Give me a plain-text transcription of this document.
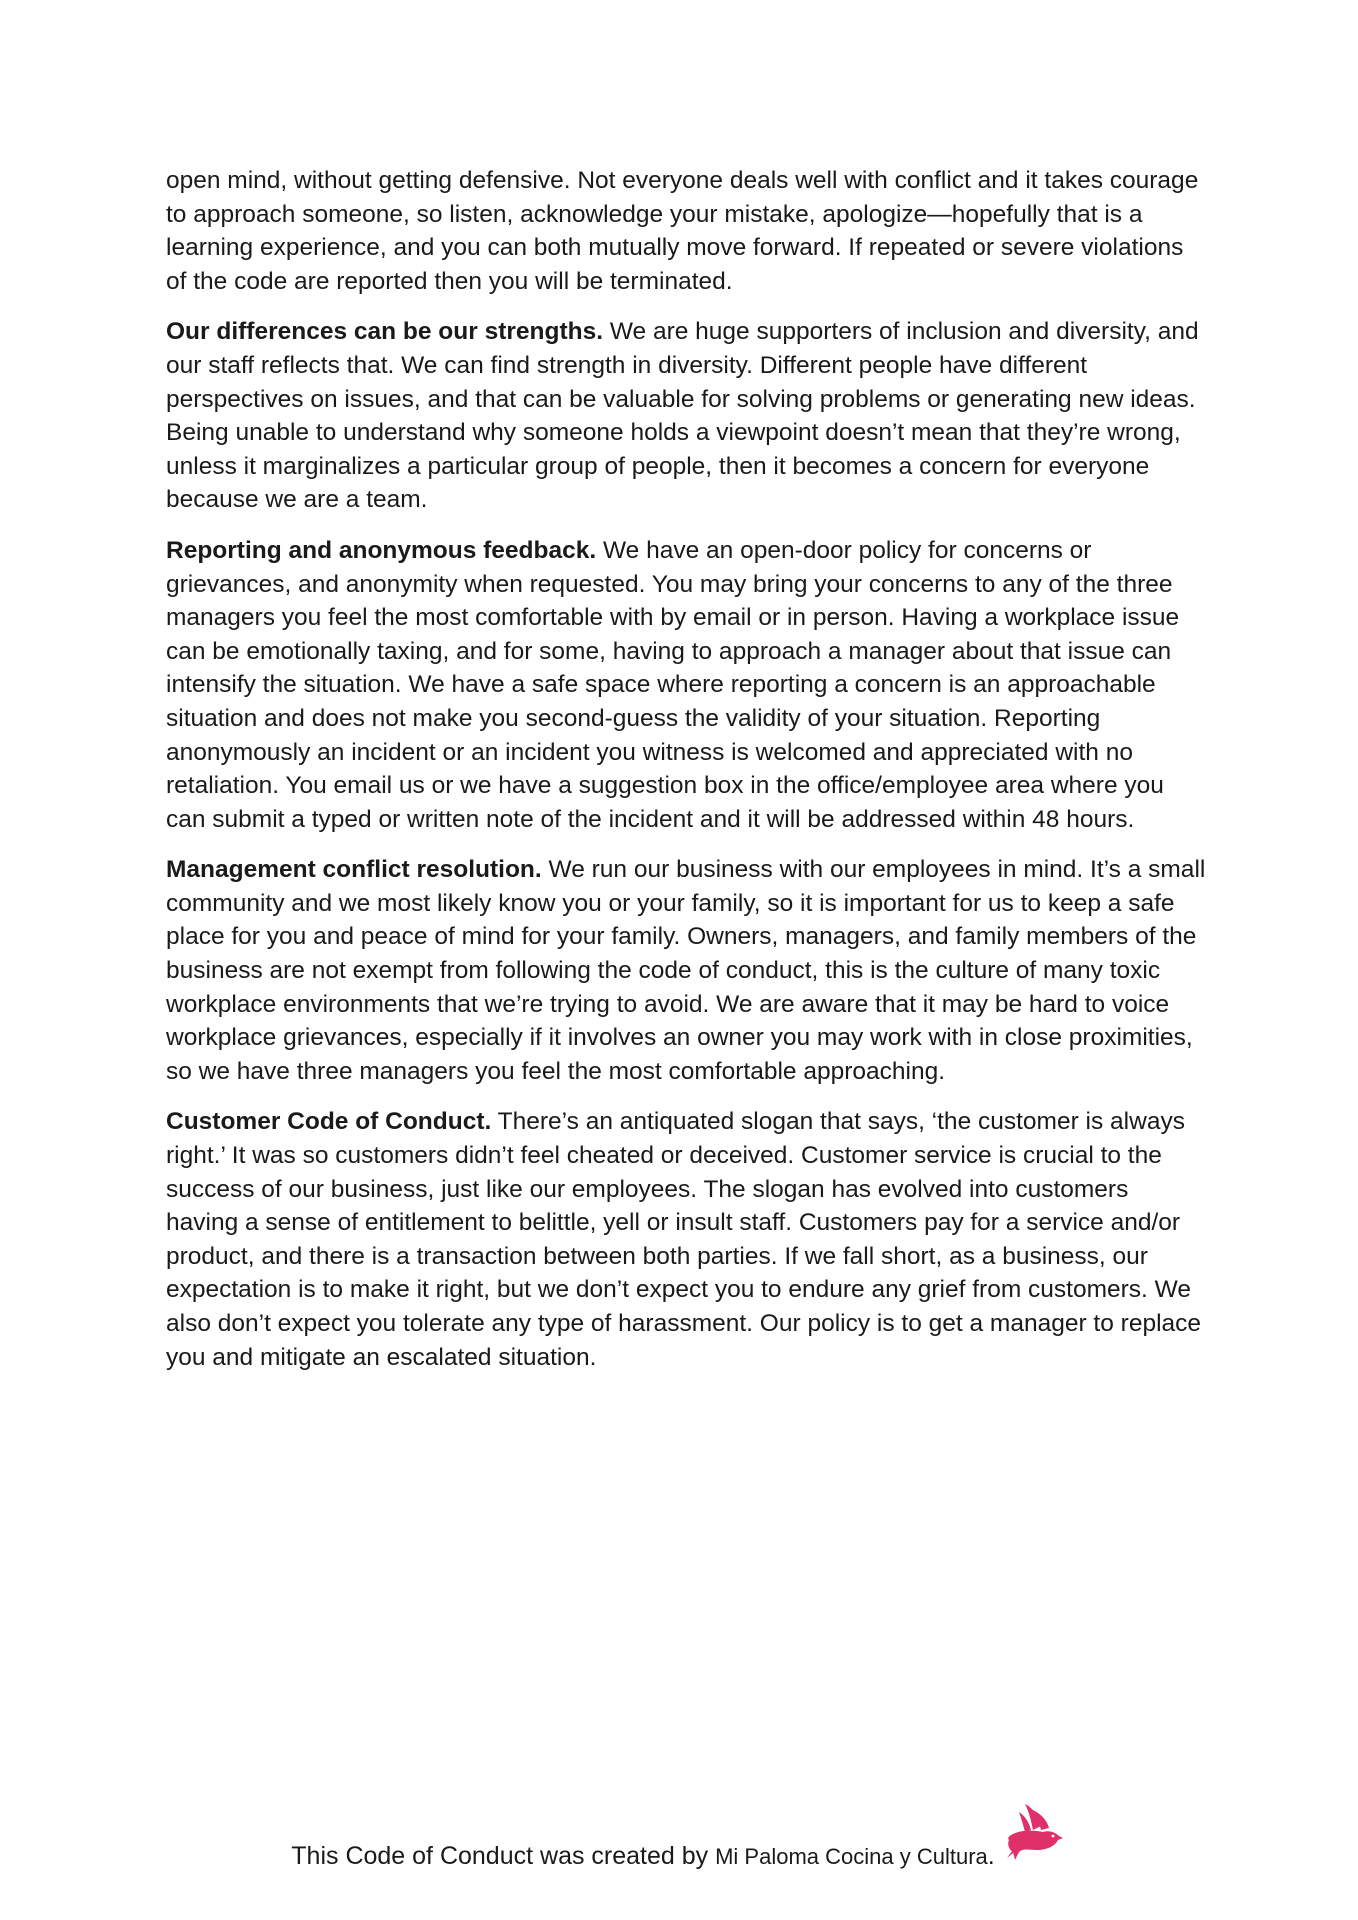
open mind, without getting defensive. Not everyone deals well with conflict and it takes courage to approach someone, so listen, acknowledge your mistake, apologize—hopefully that is a learning experience, and you can both mutually move forward. If repeated or severe violations of the code are reported then you will be terminated.

Our differences can be our strengths. We are huge supporters of inclusion and diversity, and our staff reflects that. We can find strength in diversity. Different people have different perspectives on issues, and that can be valuable for solving problems or generating new ideas. Being unable to understand why someone holds a viewpoint doesn’t mean that they’re wrong, unless it marginalizes a particular group of people, then it becomes a concern for everyone because we are a team.

Reporting and anonymous feedback. We have an open-door policy for concerns or grievances, and anonymity when requested. You may bring your concerns to any of the three managers you feel the most comfortable with by email or in person. Having a workplace issue can be emotionally taxing, and for some, having to approach a manager about that issue can intensify the situation. We have a safe space where reporting a concern is an approachable situation and does not make you second-guess the validity of your situation. Reporting anonymously an incident or an incident you witness is welcomed and appreciated with no retaliation. You email us or we have a suggestion box in the office/employee area where you can submit a typed or written note of the incident and it will be addressed within 48 hours.

Management conflict resolution. We run our business with our employees in mind. It’s a small community and we most likely know you or your family, so it is important for us to keep a safe place for you and peace of mind for your family. Owners, managers, and family members of the business are not exempt from following the code of conduct, this is the culture of many toxic workplace environments that we’re trying to avoid. We are aware that it may be hard to voice workplace grievances, especially if it involves an owner you may work with in close proximities, so we have three managers you feel the most comfortable approaching.

Customer Code of Conduct. There’s an antiquated slogan that says, ‘the customer is always right.’ It was so customers didn’t feel cheated or deceived. Customer service is crucial to the success of our business, just like our employees. The slogan has evolved into customers having a sense of entitlement to belittle, yell or insult staff. Customers pay for a service and/or product, and there is a transaction between both parties. If we fall short, as a business, our expectation is to make it right, but we don’t expect you to endure any grief from customers. We also don’t expect you tolerate any type of harassment. Our policy is to get a manager to replace you and mitigate an escalated situation.

This Code of Conduct was created by Mi Paloma Cocina y Cultura.
